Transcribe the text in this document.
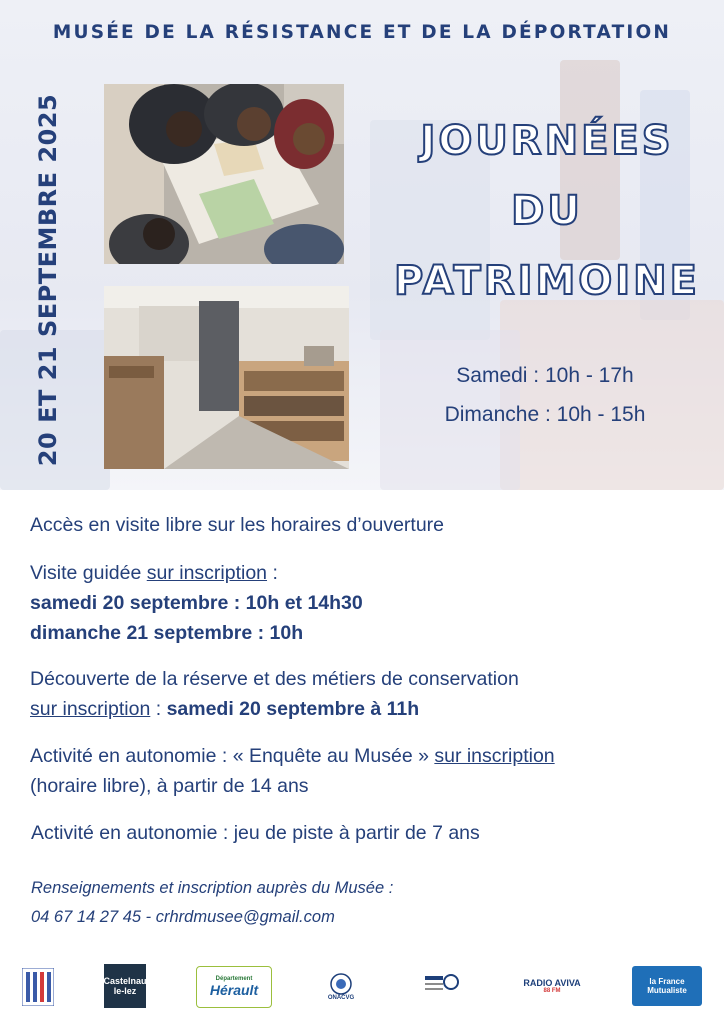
MUSÉE DE LA RÉSISTANCE ET DE LA DÉPORTATION
20 ET 21 SEPTEMBRE 2025	JOURNÉES
DU
PATRIMOINE
Samedi : 10h - 17h
Dimanche : 10h - 15h
Accès en visite libre sur les horaires d’ouverture
Visite guidée sur inscription :
samedi 20 septembre : 10h et 14h30
dimanche 21 septembre : 10h
Découverte de la réserve et des métiers de conservation
sur inscription : samedi 20 septembre à 11h
Activité en autonomie : « Enquête au Musée » sur inscription
(horaire libre), à partir de 14 ans
Activité en autonomie : jeu de piste à partir de 7 ans
Renseignements et inscription auprès du Musée :
04 67 14 27 45 - crhrdmusee@gmail.com
Castelnau le-lez
Département
Hérault	ONACVG
RADIO AVIVA
88 FM
la France Mutualiste
